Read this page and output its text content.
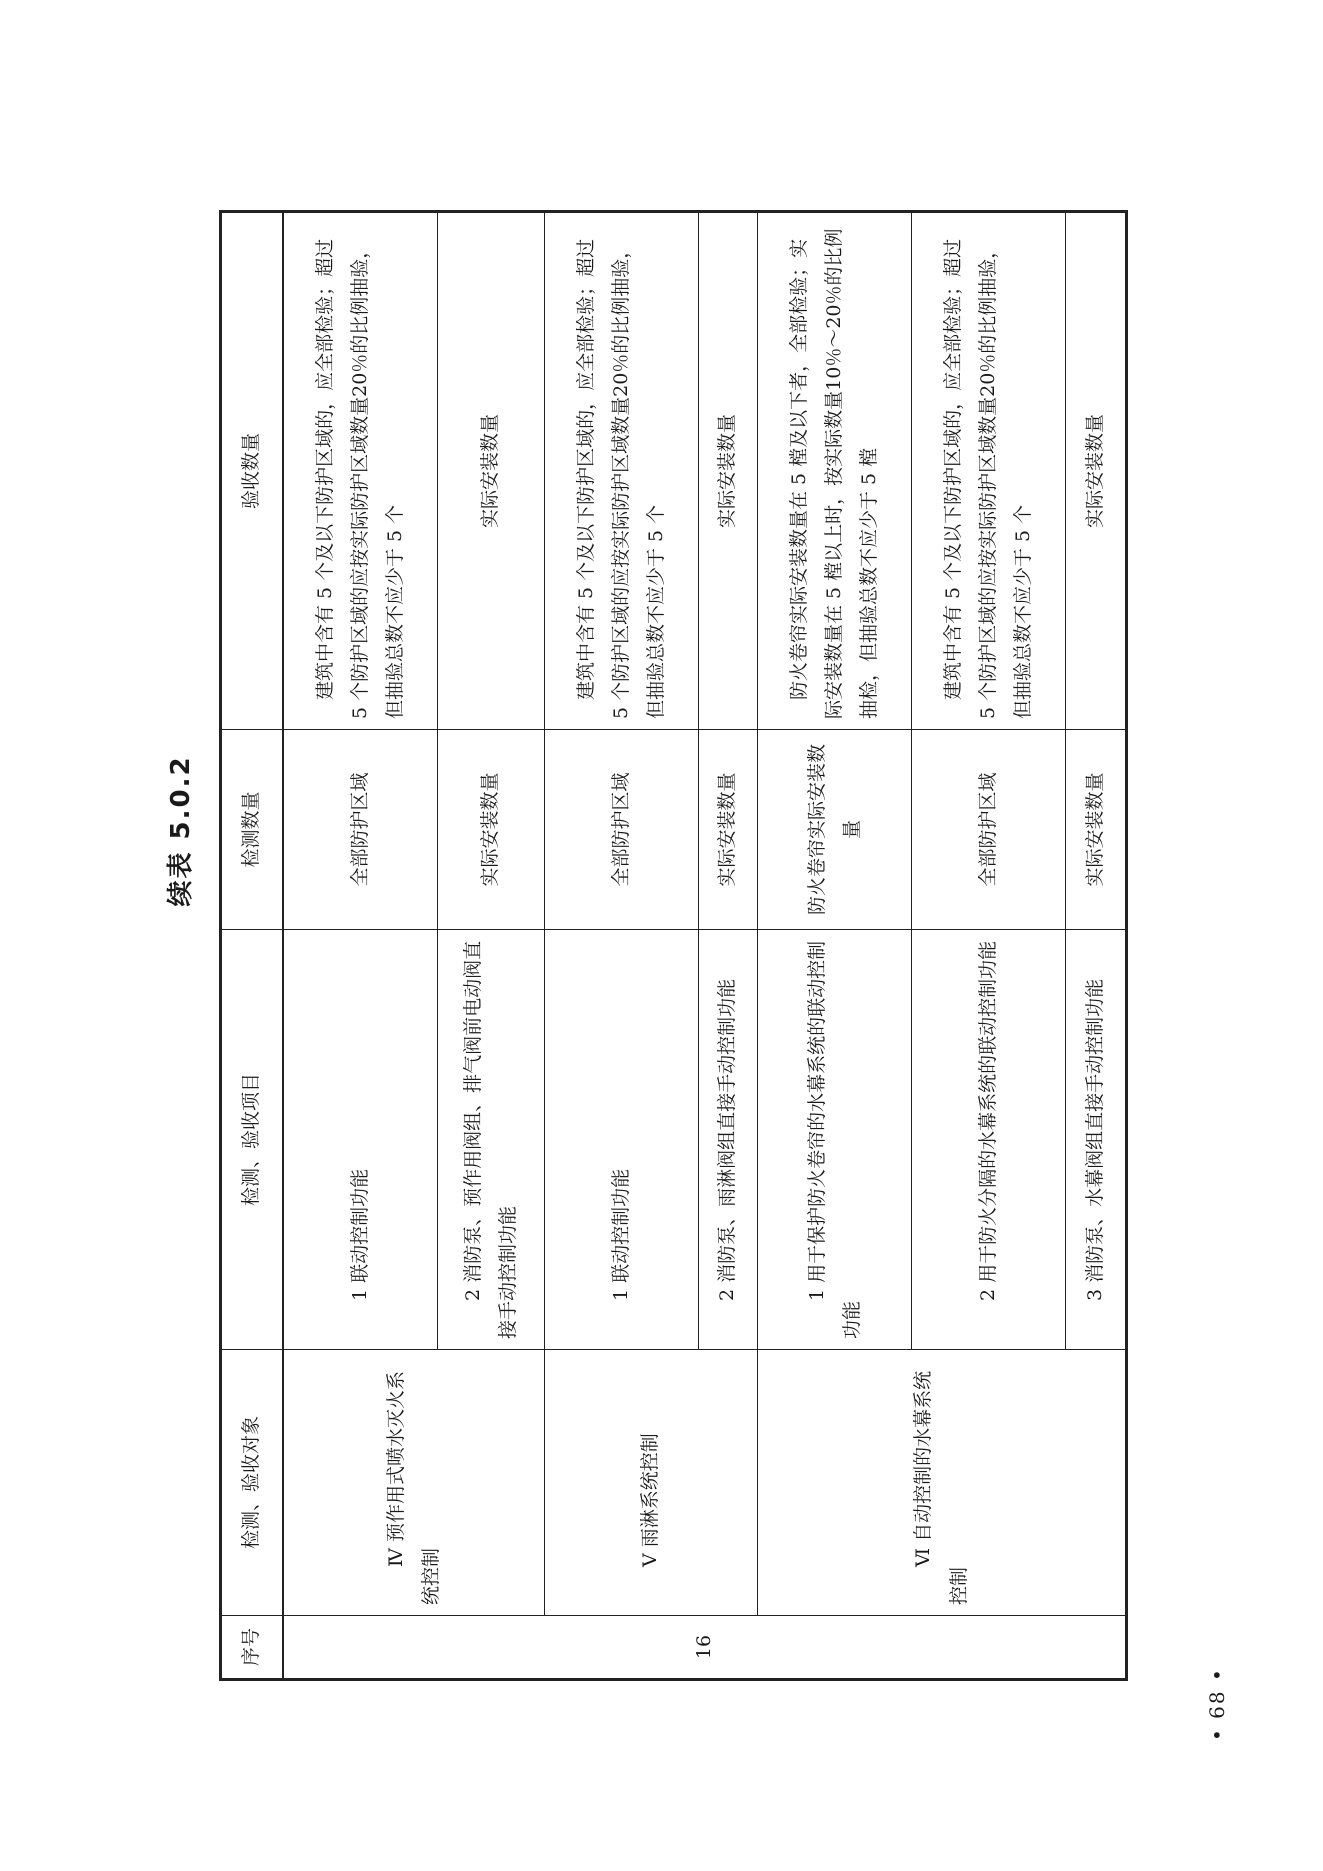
续表 5.0.2
序号	检测、验收对象	检测、验收项目	检测数量	验收数量
16	Ⅳ 预作用式喷水灭火系统控制	1 联动控制功能	全部防护区域	建筑中含有 5 个及以下防护区域的，应全部检验；超过 5 个防护区域的应按实际防护区域数量20％的比例抽验，但抽验总数不应少于 5 个
		2 消防泵、预作用阀组、排气阀前电动阀直接手动控制功能	实际安装数量	实际安装数量
	Ⅴ 雨淋系统控制	1 联动控制功能	全部防护区域	建筑中含有 5 个及以下防护区域的，应全部检验；超过 5 个防护区域的应按实际防护区域数量20％的比例抽验，但抽验总数不应少于 5 个
		2 消防泵、雨淋阀组直接手动控制功能	实际安装数量	实际安装数量
	Ⅵ 自动控制的水幕系统控制	1 用于保护防火卷帘的水幕系统的联动控制功能	防火卷帘实际安装数量	防火卷帘实际安装数量在 5 樘及以下者，全部检验；实际安装数量在 5 樘以上时，按实际数量10％～20％的比例抽检，但抽验总数不应少于 5 樘
		2 用于防火分隔的水幕系统的联动控制功能	全部防护区域	建筑中含有 5 个及以下防护区域的，应全部检验；超过 5 个防护区域的应按实际防护区域数量20％的比例抽验，但抽验总数不应少于 5 个
		3 消防泵、水幕阀组直接手动控制功能	实际安装数量	实际安装数量
• 68 •
